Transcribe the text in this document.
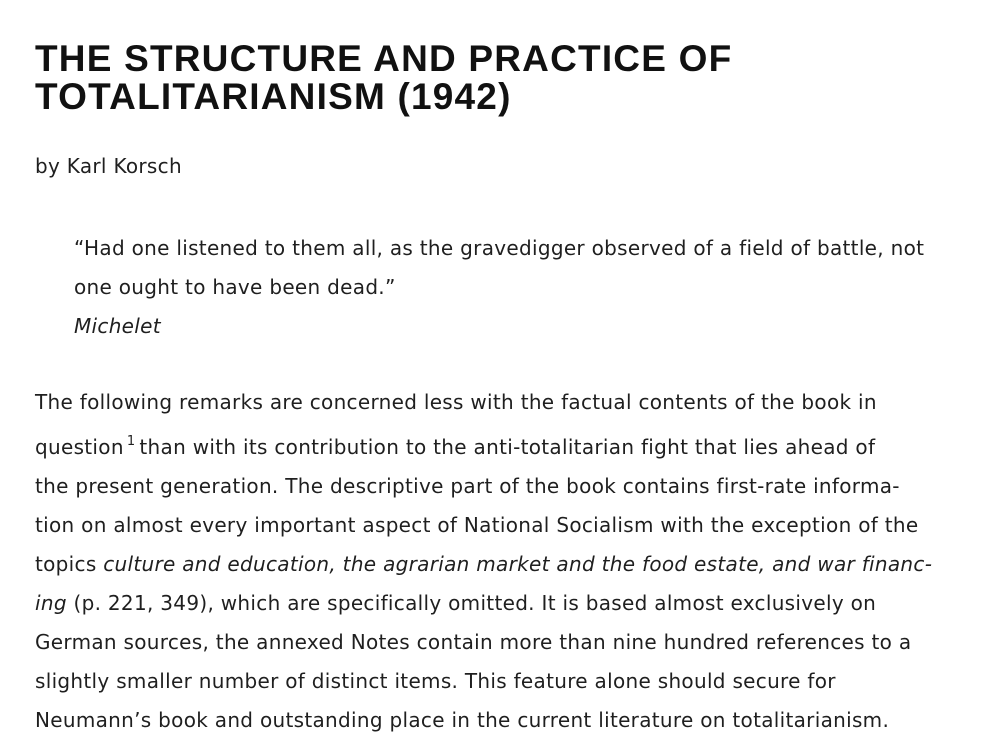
THE STRUCTURE AND PRACTICE OF
TOTALITARIANISM (1942)
by Karl Korsch
“Had one listened to them all, as the gravedigger observed of a field of battle, not
one ought to have been dead.”
Michelet
The following remarks are concerned less with the factual contents of the book in
question $^1$ than with its contribution to the anti-totalitarian fight that lies ahead of
the present generation. The descriptive part of the book contains first-rate informa-
tion on almost every important aspect of National Socialism with the exception of the
topics culture and education, the agrarian market and the food estate, and war financ-
ing (p. 221, 349), which are specifically omitted. It is based almost exclusively on
German sources, the annexed Notes contain more than nine hundred references to a
slightly smaller number of distinct items. This feature alone should secure for
Neumann’s book and outstanding place in the current literature on totalitarianism.
